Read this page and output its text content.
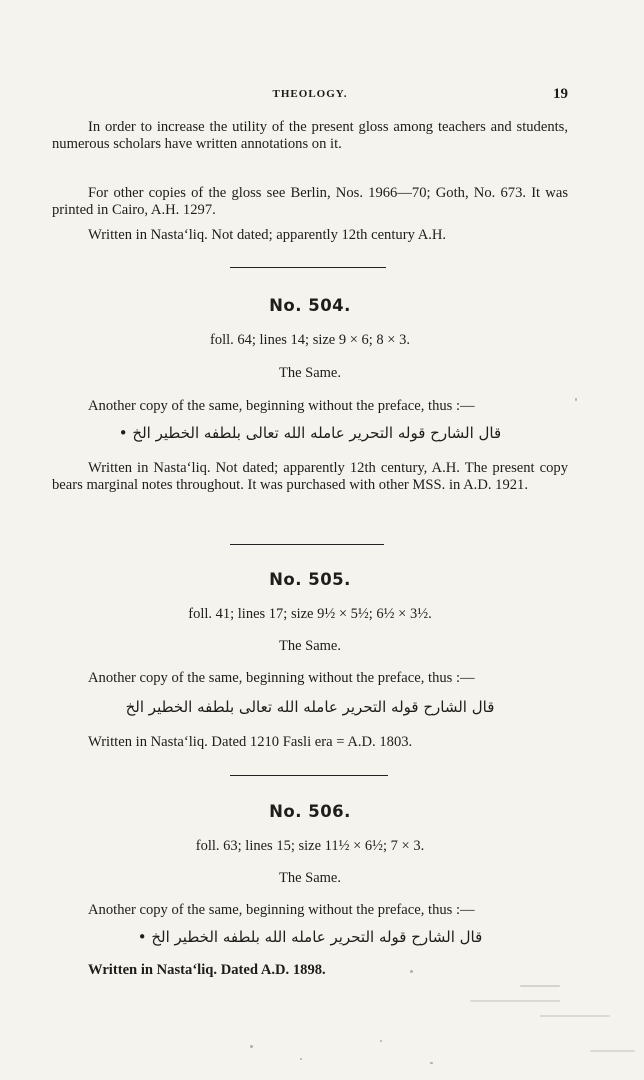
THEOLOGY.	19
In order to increase the utility of the present gloss among teachers and students, numerous scholars have written annotations on it.
For other copies of the gloss see Berlin, Nos. 1966—70; Goth, No. 673. It was printed in Cairo, A.H. 1297.
Written in Nasta‘liq. Not dated; apparently 12th century A.H.
No. 504.
foll. 64; lines 14; size 9 × 6; 8 × 3.
The Same.
Another copy of the same, beginning without the preface, thus :—
قال الشارح قوله التحرير عامله الله تعالى بلطفه الخطير الخ •
Written in Nasta‘liq. Not dated; apparently 12th century, A.H. The present copy bears marginal notes throughout. It was purchased with other MSS. in A.D. 1921.
No. 505.
foll. 41; lines 17; size 9½ × 5½; 6½ × 3½.
The Same.
Another copy of the same, beginning without the preface, thus :—
قال الشارح قوله التحرير عامله الله تعالى بلطفه الخطير الخ
Written in Nasta‘liq. Dated 1210 Fasli era = A.D. 1803.
No. 506.
foll. 63; lines 15; size 11½ × 6½; 7 × 3.
The Same.
Another copy of the same, beginning without the preface, thus :—
قال الشارح قوله التحرير عامله الله بلطفه الخطير الخ •
Written in Nasta‘liq. Dated A.D. 1898.
